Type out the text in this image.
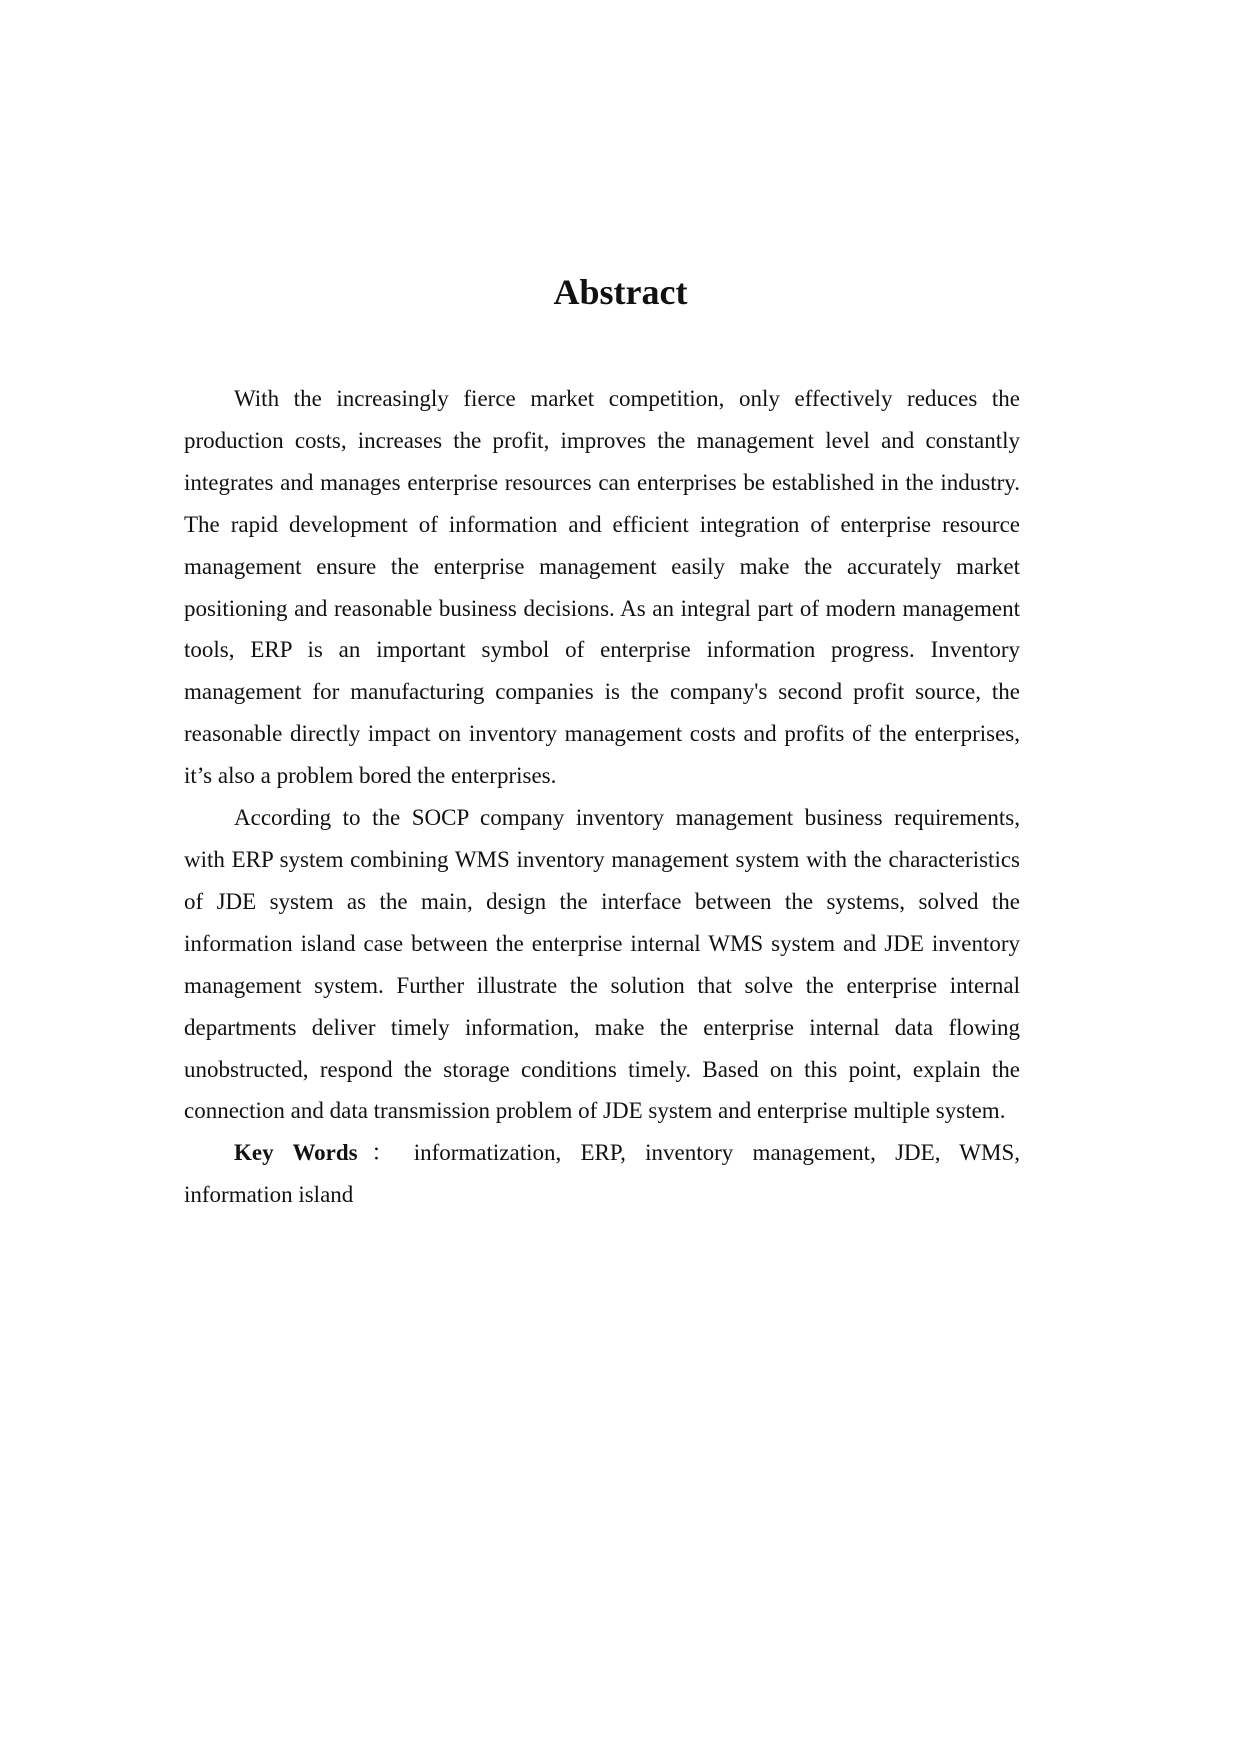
Abstract

With the increasingly fierce market competition, only effectively reduces the production costs, increases the profit, improves the management level and constantly integrates and manages enterprise resources can enterprises be established in the industry. The rapid development of information and efficient integration of enterprise resource management ensure the enterprise management easily make the accurately market positioning and reasonable business decisions. As an integral part of modern management tools, ERP is an important symbol of enterprise information progress. Inventory management for manufacturing companies is the company's second profit source, the reasonable directly impact on inventory management costs and profits of the enterprises, it’s also a problem bored the enterprises.

According to the SOCP company inventory management business requirements, with ERP system combining WMS inventory management system with the characteristics of JDE system as the main, design the interface between the systems, solved the information island case between the enterprise internal WMS system and JDE inventory management system. Further illustrate the solution that solve the enterprise internal departments deliver timely information, make the enterprise internal data flowing unobstructed, respond the storage conditions timely. Based on this point, explain the connection and data transmission problem of JDE system and enterprise multiple system.

Key Words： informatization, ERP, inventory management, JDE, WMS, information island
